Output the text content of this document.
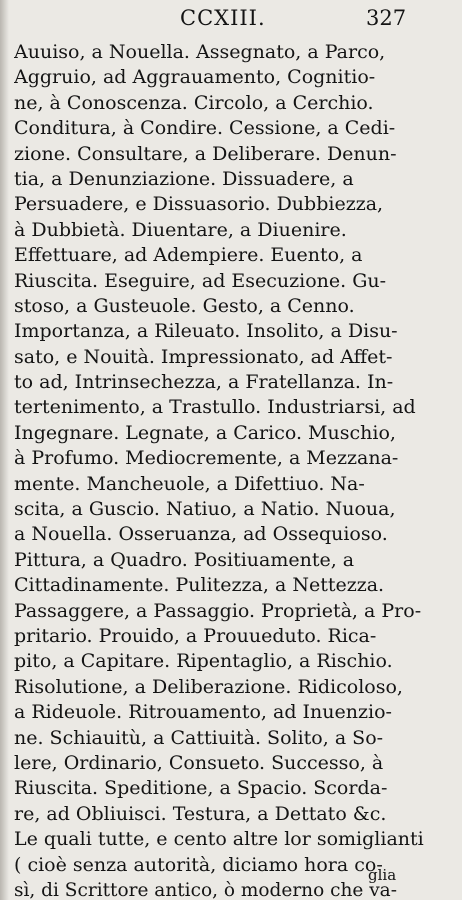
CCXIII.	327
Auuiso, a Nouella. Assegnato, a Parco,
Aggruio, ad Aggrauamento, Cognitio-
ne, à Conoscenza. Circolo, a Cerchio.
Conditura, à Condire. Cessione, a Cedi-
zione. Consultare, a Deliberare. Denun-
tia, a Denunziazione. Dissuadere, a
Persuadere, e Dissuasorio. Dubbiezza,
à Dubbietà. Diuentare, a Diuenire.
Effettuare, ad Adempiere. Euento, a
Riuscita. Eseguire, ad Esecuzione. Gu-
stoso, a Gusteuole. Gesto, a Cenno.
Importanza, a Rileuato. Insolito, a Disu-
sato, e Nouità. Impressionato, ad Affet-
to ad, Intrinsechezza, a Fratellanza. In-
tertenimento, a Trastullo. Industriarsi, ad
Ingegnare. Legnate, a Carico. Muschio,
à Profumo. Mediocremente, a Mezzana-
mente. Mancheuole, a Difettiuo. Na-
scita, a Guscio. Natiuo, a Natio. Nuoua,
a Nouella. Osseruanza, ad Ossequioso.
Pittura, a Quadro. Positiuamente, a
Cittadinamente. Pulitezza, a Nettezza.
Passaggere, a Passaggio. Proprietà, a Pro-
pritario. Prouido, a Prouueduto. Rica-
pito, a Capitare. Ripentaglio, a Rischio.
Risolutione, a Deliberazione. Ridicoloso,
a Rideuole. Ritrouamento, ad Inuenzio-
ne. Schiauitù, a Cattiuità. Solito, a So-
lere, Ordinario, Consueto. Successo, à
Riuscita. Speditione, a Spacio. Scorda-
re, ad Obliuisci. Testura, a Dettato &c.
Le quali tutte, e cento altre lor somiglianti
( cioè senza autorità, diciamo hora co-
sì, di Scrittore antico, ò moderno che va-
glia
